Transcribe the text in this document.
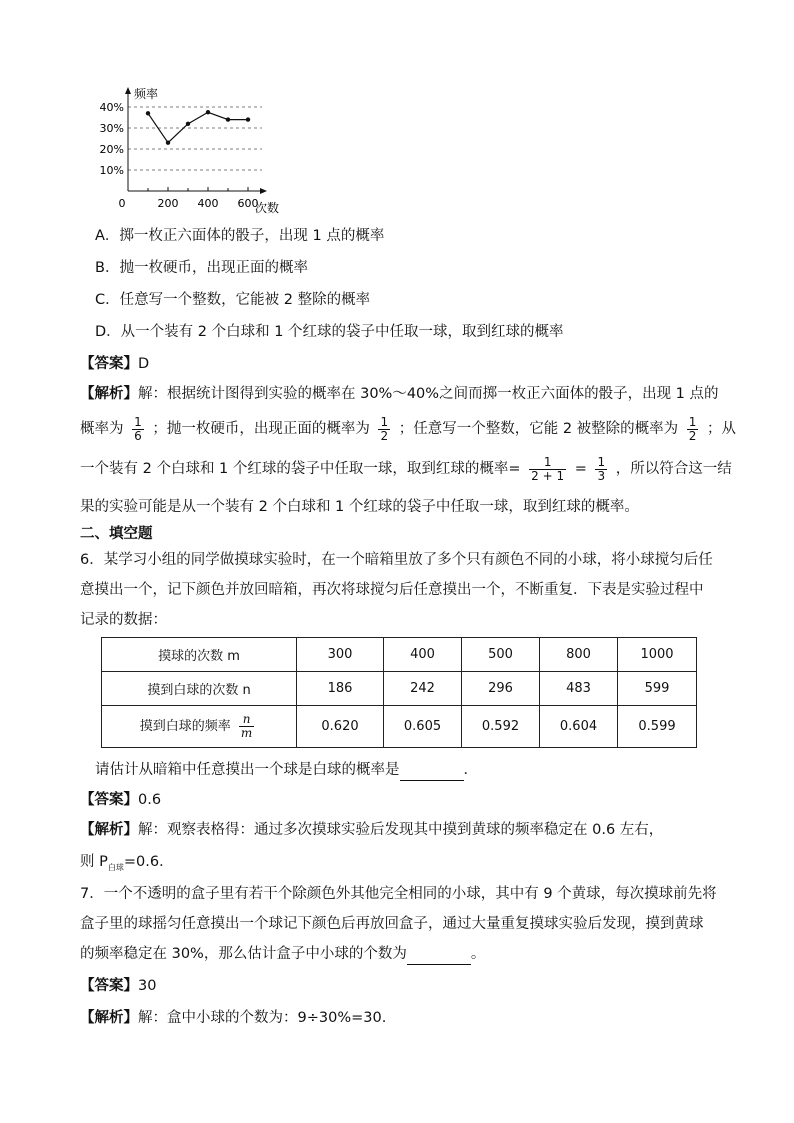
10%
20%
30%
40%
0	200 400 600
频率
次数
A．掷一枚正六面体的骰子，出现 1 点的概率
B．抛一枚硬币，出现正面的概率
C．任意写一个整数，它能被 2 整除的概率
D．从一个装有 2 个白球和 1 个红球的袋子中任取一球，取到红球的概率
【答案】D
【解析】解：根据统计图得到实验的概率在 30%～40%之间而掷一枚正六面体的骰子，出现 1 点的
概率为 $\frac{1}{6}$ ；抛一枚硬币，出现正面的概率为 $\frac{1}{2}$ ；任意写一个整数，它能 2 被整除的概率为 $\frac{1}{2}$ ；从
一个装有 2 个白球和 1 个红球的袋子中任取一球，取到红球的概率= $\frac{1}{2 + 1} = \frac{1}{3}$ ，所以符合这一结
果的实验可能是从一个装有 2 个白球和 1 个红球的袋子中任取一球，取到红球的概率。
二、填空题
6．某学习小组的同学做摸球实验时，在一个暗箱里放了多个只有颜色不同的小球，将小球搅匀后任
意摸出一个，记下颜色并放回暗箱，再次将球搅匀后任意摸出一个，不断重复．下表是实验过程中
记录的数据：
摸球的次数 m	300	400	500	800	1000
摸到白球的次数 n	186	242	296	483	599
摸到白球的频率 $\frac{n}{m}$	0.620	0.605	0.592	0.604	0.599
请估计从暗箱中任意摸出一个球是白球的概率是	．
【答案】0.6
【解析】解：观察表格得：通过多次摸球实验后发现其中摸到黄球的频率稳定在 0.6 左右，
则 $P_{白球}=0.6$．
7．一个不透明的盒子里有若干个除颜色外其他完全相同的小球，其中有 9 个黄球，每次摸球前先将
盒子里的球摇匀任意摸出一个球记下颜色后再放回盒子，通过大量重复摸球实验后发现，摸到黄球
的频率稳定在 30%，那么估计盒子中小球的个数为	。
【答案】30
【解析】解：盒中小球的个数为：9÷30%=30.
